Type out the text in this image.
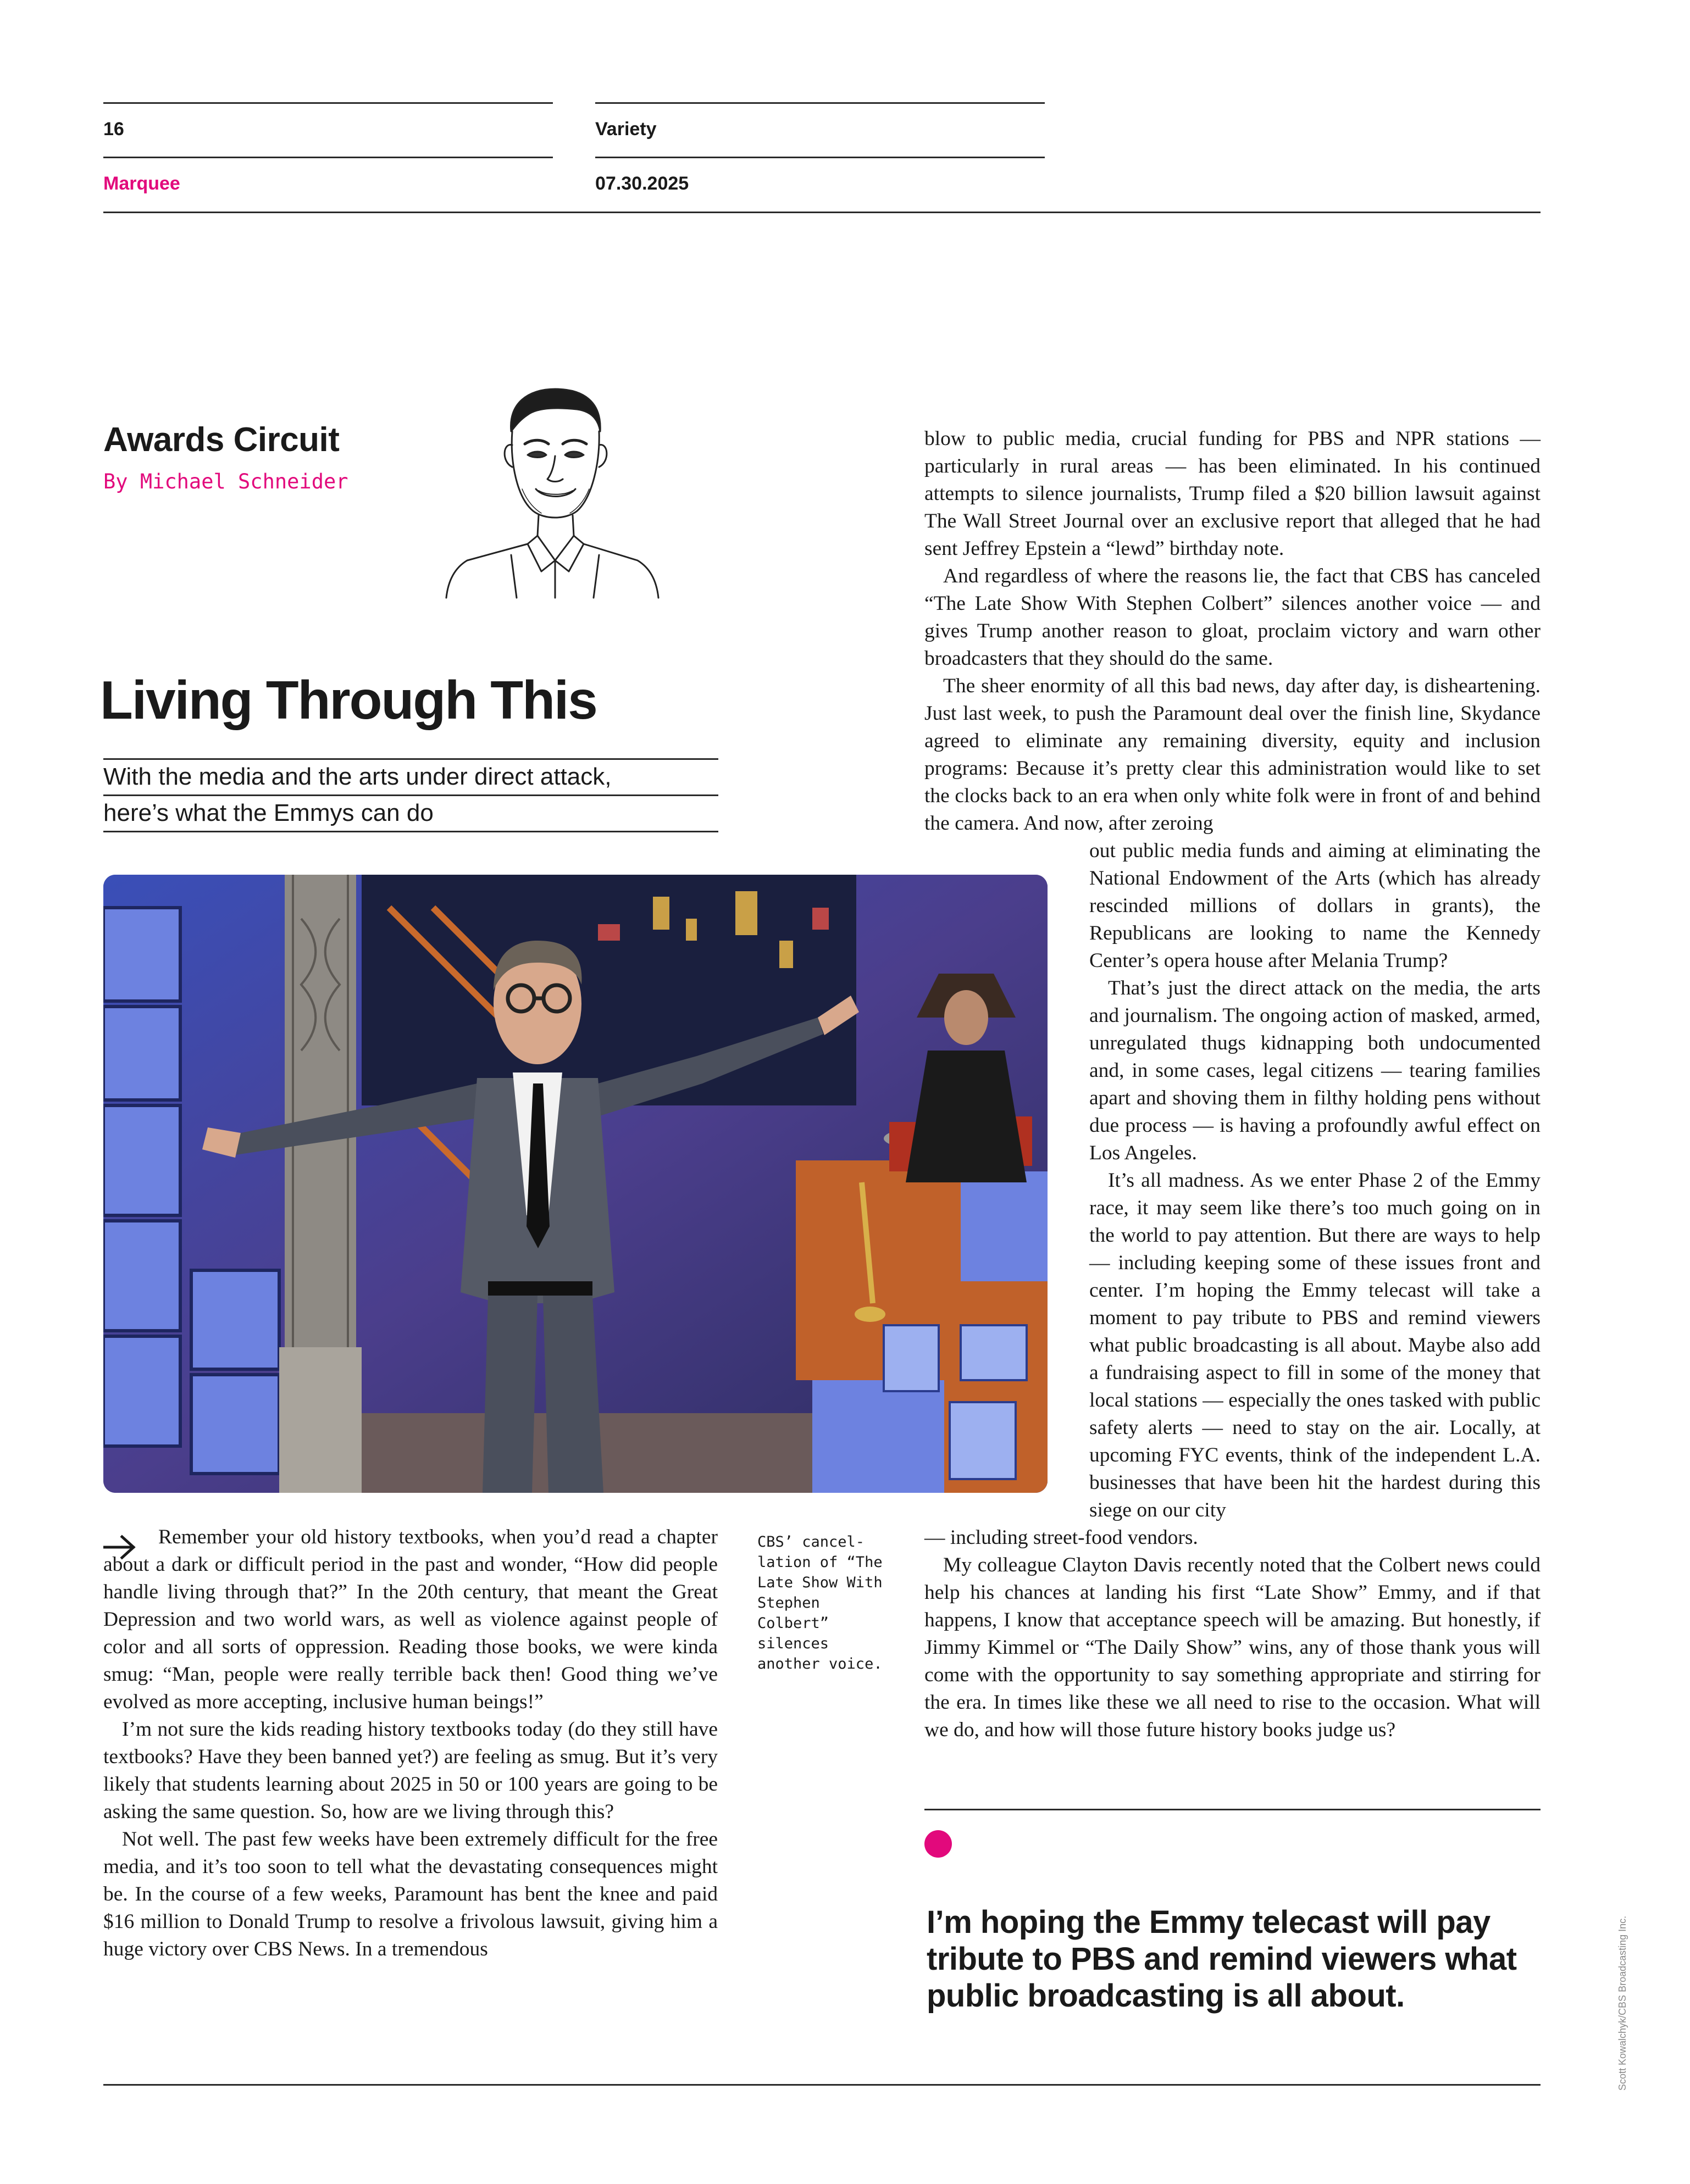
16	Variety
Marquee	07.30.2025
Awards Circuit
By Michael Schneider
Living Through This
With the media and the arts under direct attack,
here’s what the Emmys can do

Remember your old history textbooks, when you’d read a chapter about a dark or difficult period in the past and wonder, “How did people handle living through that?” In the 20th century, that meant the Great Depression and two world wars, as well as violence against people of color and all sorts of oppression. Reading those books, we were kinda smug: “Man, people were really terrible back then! Good thing we’ve evolved as more accepting, inclusive human beings!”

I’m not sure the kids reading history textbooks today (do they still have textbooks? Have they been banned yet?) are feeling as smug. But it’s very likely that students learning about 2025 in 50 or 100 years are going to be asking the same question. So, how are we living through this?

Not well. The past few weeks have been extremely difficult for the free media, and it’s too soon to tell what the devastating consequences might be. In the course of a few weeks, Paramount has bent the knee and paid $16 million to Donald Trump to resolve a frivolous lawsuit, giving him a huge victory over CBS News. In a tremendous

CBS’ cancel-lation of “The Late Show With Stephen Colbert” silences another voice.

blow to public media, crucial funding for PBS and NPR stations — particularly in rural areas — has been eliminated. In his continued attempts to silence journalists, Trump filed a $20 billion lawsuit against The Wall Street Journal over an exclusive report that alleged that he had sent Jeffrey Epstein a “lewd” birthday note.

And regardless of where the reasons lie, the fact that CBS has canceled “The Late Show With Stephen Colbert” silences another voice — and gives Trump another reason to gloat, proclaim victory and warn other broadcasters that they should do the same.

The sheer enormity of all this bad news, day after day, is disheartening. Just last week, to push the Paramount deal over the finish line, Skydance agreed to eliminate any remaining diversity, equity and inclusion programs: Because it’s pretty clear this administration would like to set the clocks back to an era when only white folk were in front of and behind the camera. And now, after zeroing

out public media funds and aiming at eliminating the National Endowment of the Arts (which has already rescinded millions of dollars in grants), the Republicans are looking to name the Kennedy Center’s opera house after Melania Trump?

That’s just the direct attack on the media, the arts and journalism. The ongoing action of masked, armed, unregulated thugs kidnapping both undocumented and, in some cases, legal citizens — tearing families apart and shoving them in filthy holding pens without due process — is having a profoundly awful effect on Los Angeles.

It’s all madness. As we enter Phase 2 of the Emmy race, it may seem like there’s too much going on in the world to pay attention. But there are ways to help — including keeping some of these issues front and center. I’m hoping the Emmy telecast will take a moment to pay tribute to PBS and remind viewers what public broadcasting is all about. Maybe also add a fundraising aspect to fill in some of the money that local stations — especially the ones tasked with public safety alerts — need to stay on the air. Locally, at upcoming FYC events, think of the independent L.A. businesses that have been hit the hardest during this siege on our city

— including street-food vendors.

My colleague Clayton Davis recently noted that the Colbert news could help his chances at landing his first “Late Show” Emmy, and if that happens, I know that acceptance speech will be amazing. But honestly, if Jimmy Kimmel or “The Daily Show” wins, any of those thank yous will come with the opportunity to say something appropriate and stirring for the era. In times like these we all need to rise to the occasion. What will we do, and how will those future history books judge us?

I’m hoping the Emmy telecast will pay tribute to PBS and remind viewers what public broadcasting is all about.	Scott Kowalchyk/CBS Broadcasting Inc.
